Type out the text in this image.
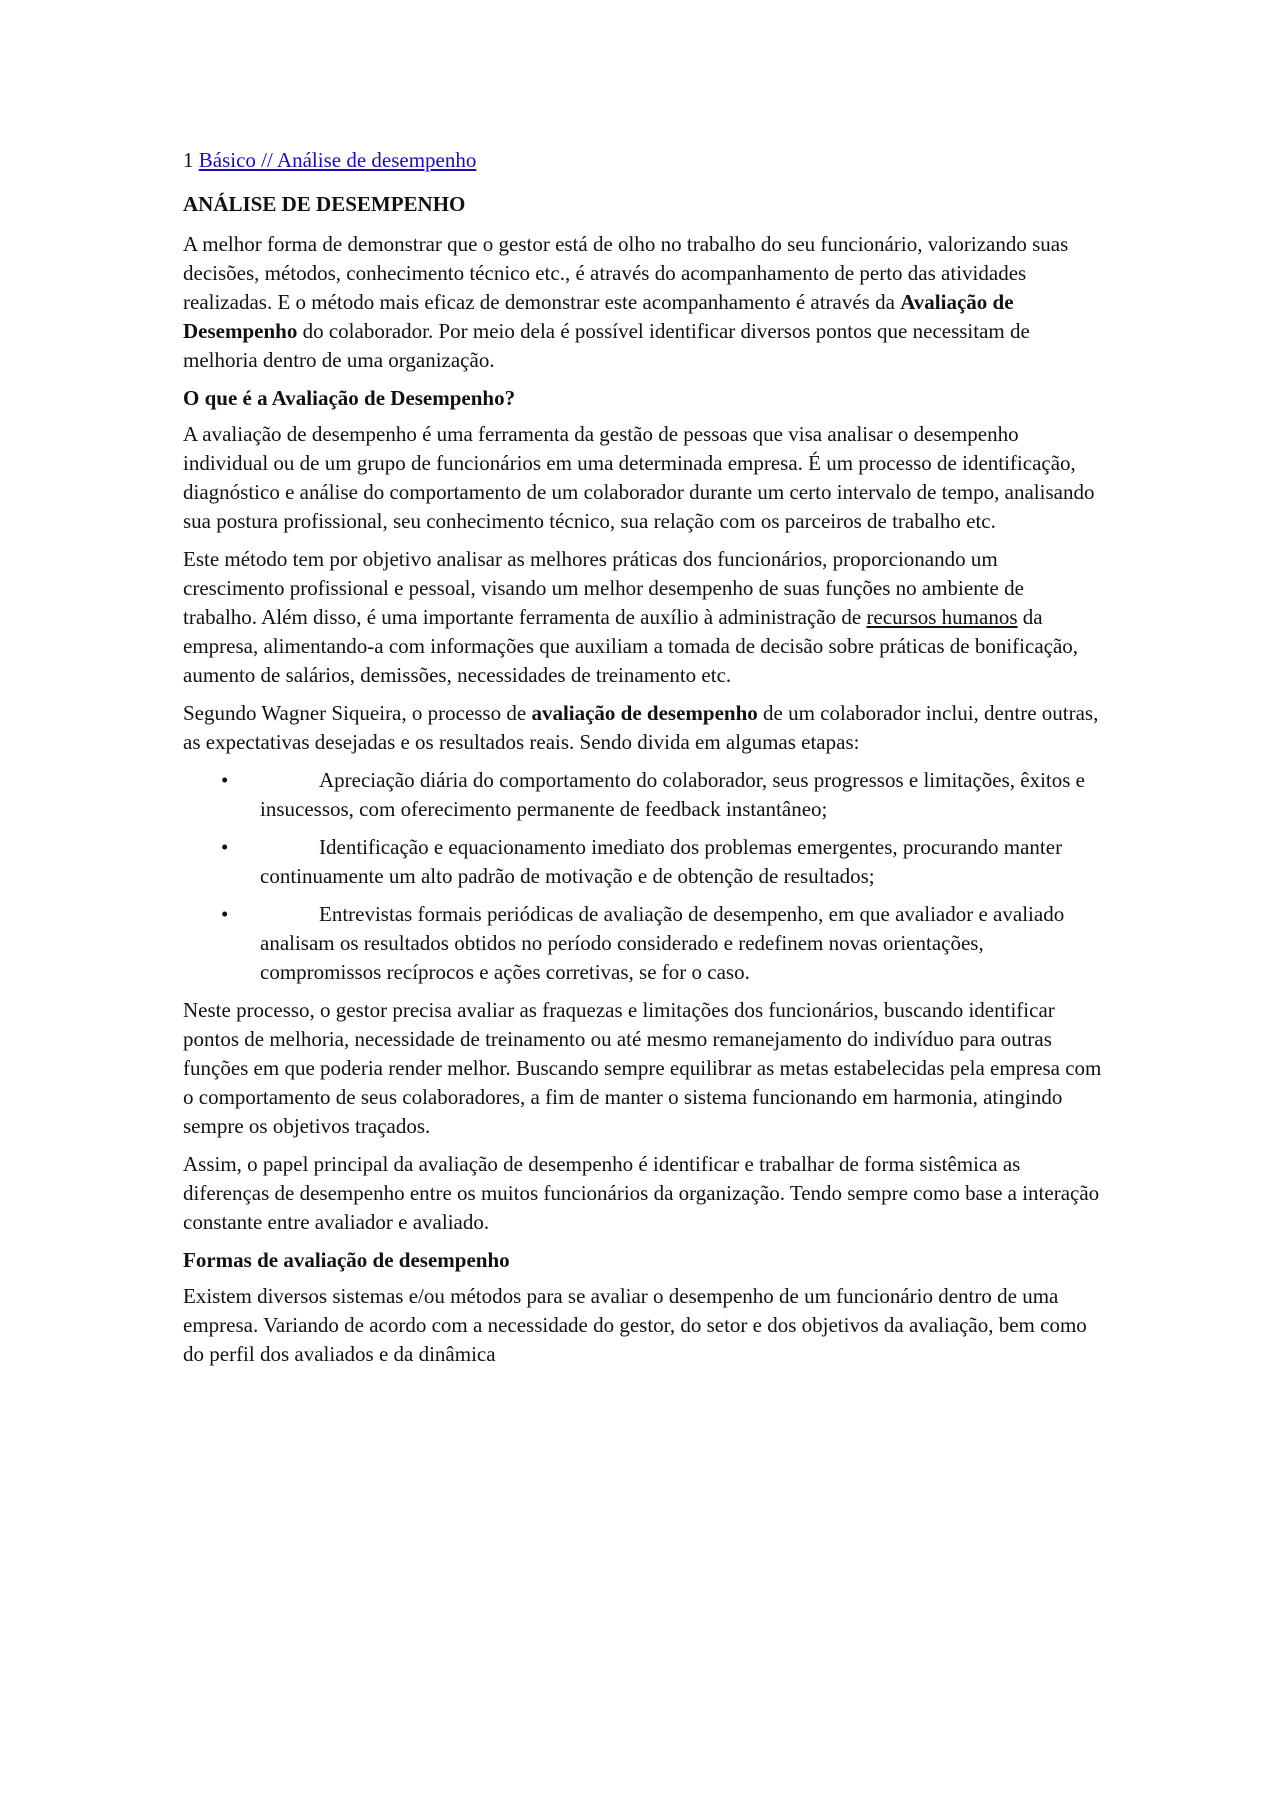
1 Básico // Análise de desempenho
ANÁLISE DE DESEMPENHO

A melhor forma de demonstrar que o gestor está de olho no trabalho do seu funcionário, valorizando suas decisões, métodos, conhecimento técnico etc., é através do acompanhamento de perto das atividades realizadas. E o método mais eficaz de demonstrar este acompanhamento é através da Avaliação de Desempenho do colaborador. Por meio dela é possível identificar diversos pontos que necessitam de melhoria dentro de uma organização.

O que é a Avaliação de Desempenho?

A avaliação de desempenho é uma ferramenta da gestão de pessoas que visa analisar o desempenho individual ou de um grupo de funcionários em uma determinada empresa. É um processo de identificação, diagnóstico e análise do comportamento de um colaborador durante um certo intervalo de tempo, analisando sua postura profissional, seu conhecimento técnico, sua relação com os parceiros de trabalho etc.

Este método tem por objetivo analisar as melhores práticas dos funcionários, proporcionando um crescimento profissional e pessoal, visando um melhor desempenho de suas funções no ambiente de trabalho. Além disso, é uma importante ferramenta de auxílio à administração de recursos humanos da empresa, alimentando-a com informações que auxiliam a tomada de decisão sobre práticas de bonificação, aumento de salários, demissões, necessidades de treinamento etc.

Segundo Wagner Siqueira, o processo de avaliação de desempenho de um colaborador inclui, dentre outras, as expectativas desejadas e os resultados reais. Sendo divida em algumas etapas:

•	Apreciação diária do comportamento do colaborador, seus progressos e limitações, êxitos e insucessos, com oferecimento permanente de feedback instantâneo;
•	Identificação e equacionamento imediato dos problemas emergentes, procurando manter continuamente um alto padrão de motivação e de obtenção de resultados;
•	Entrevistas formais periódicas de avaliação de desempenho, em que avaliador e avaliado analisam os resultados obtidos no período considerado e redefinem novas orientações, compromissos recíprocos e ações corretivas, se for o caso.

Neste processo, o gestor precisa avaliar as fraquezas e limitações dos funcionários, buscando identificar pontos de melhoria, necessidade de treinamento ou até mesmo remanejamento do indivíduo para outras funções em que poderia render melhor. Buscando sempre equilibrar as metas estabelecidas pela empresa com o comportamento de seus colaboradores, a fim de manter o sistema funcionando em harmonia, atingindo sempre os objetivos traçados.

Assim, o papel principal da avaliação de desempenho é identificar e trabalhar de forma sistêmica as diferenças de desempenho entre os muitos funcionários da organização. Tendo sempre como base a interação constante entre avaliador e avaliado.

Formas de avaliação de desempenho

Existem diversos sistemas e/ou métodos para se avaliar o desempenho de um funcionário dentro de uma empresa. Variando de acordo com a necessidade do gestor, do setor e dos objetivos da avaliação, bem como do perfil dos avaliados e da dinâmica
